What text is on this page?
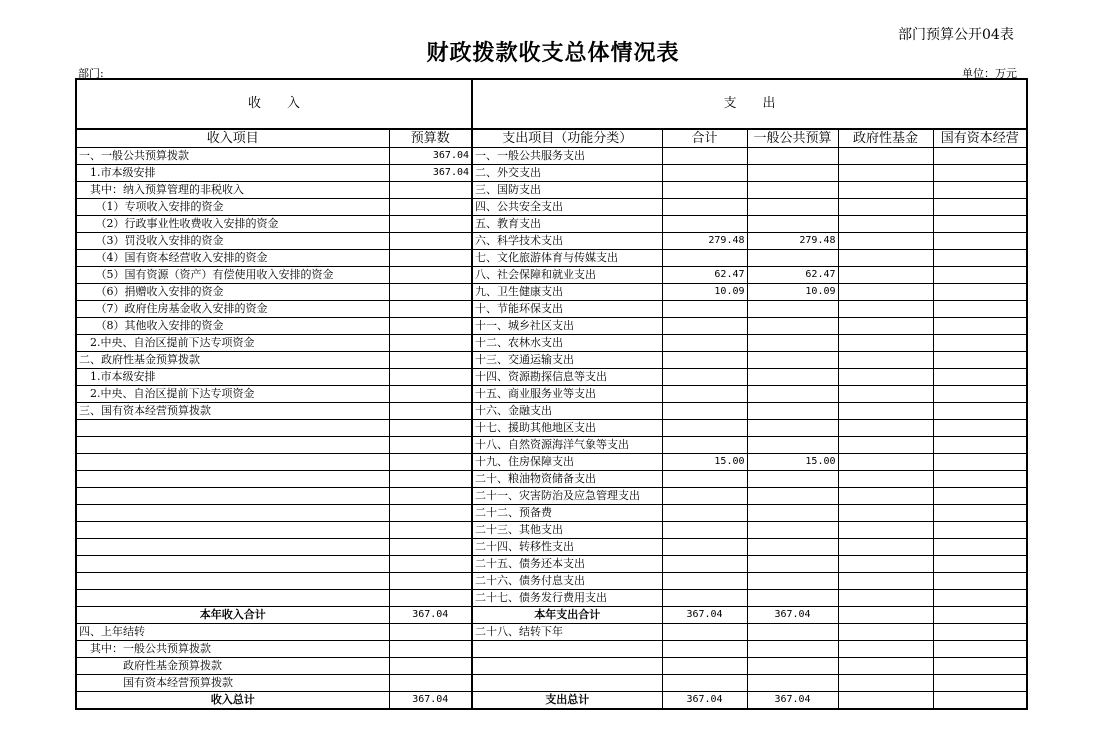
部门预算公开04表
财政拨款收支总体情况表
部门:	单位：万元
收　　入		支　　出				
收入项目	预算数	支出项目（功能分类）	合计	一般公共预算	政府性基金	国有资本经营
一、一般公共预算拨款	367.04	一、一般公共服务支出				
　1.市本级安排	367.04	二、外交支出				
　其中：纳入预算管理的非税收入		三、国防支出				
　　（1）专项收入安排的资金		四、公共安全支出				
　　（2）行政事业性收费收入安排的资金		五、教育支出				
　　（3）罚没收入安排的资金		六、科学技术支出	279.48	279.48		
　　（4）国有资本经营收入安排的资金		七、文化旅游体育与传媒支出				
　　（5）国有资源（资产）有偿使用收入安排的资金		八、社会保障和就业支出	62.47	62.47		
　　（6）捐赠收入安排的资金		九、卫生健康支出	10.09	10.09		
　　（7）政府住房基金收入安排的资金		十、节能环保支出				
　　（8）其他收入安排的资金		十一、城乡社区支出				
　2.中央、自治区提前下达专项资金		十二、农林水支出				
二、政府性基金预算拨款		十三、交通运输支出				
　1.市本级安排		十四、资源勘探信息等支出				
　2.中央、自治区提前下达专项资金		十五、商业服务业等支出				
三、国有资本经营预算拨款		十六、金融支出				
		十七、援助其他地区支出				
		十八、自然资源海洋气象等支出				
		十九、住房保障支出	15.00	15.00		
		二十、粮油物资储备支出				
		二十一、灾害防治及应急管理支出				
		二十二、预备费				
		二十三、其他支出				
		二十四、转移性支出				
		二十五、债务还本支出				
		二十六、债务付息支出				
		二十七、债务发行费用支出				
本年收入合计	367.04	本年支出合计	367.04	367.04		
四、上年结转		二十八、结转下年				
　其中：一般公共预算拨款						
　　　　政府性基金预算拨款						
　　　　国有资本经营预算拨款						
收入总计	367.04	支出总计	367.04	367.04		
